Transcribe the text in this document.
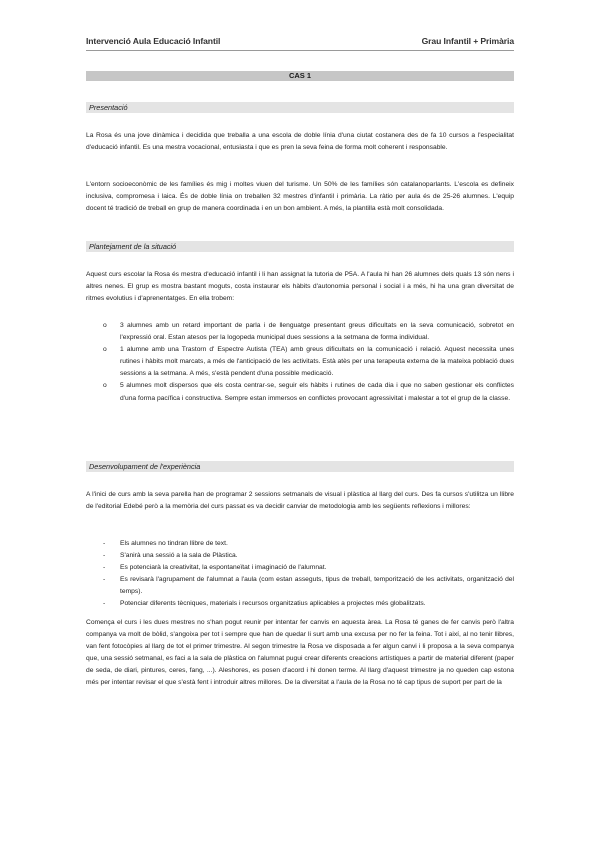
Intervenció Aula Educació Infantil	Grau Infantil + Primària
CAS 1
Presentació

La Rosa és una jove dinàmica i decidida que treballa a una escola de doble línia d'una ciutat costanera des de fa 10 cursos a l'especialitat d'educació infantil. Es una mestra vocacional, entusiasta i que es pren la seva feina de forma molt coherent i responsable.

L'entorn socioeconòmic de les famílies és mig i moltes viuen del turisme. Un 50% de les famílies són catalanoparlants. L'escola es defineix inclusiva, compromesa i laica. És de doble línia on treballen 32 mestres d'infantil i primària. La ràtio per aula és de 25-26 alumnes. L'equip docent té tradició de treball en grup de manera coordinada i en un bon ambient. A més, la plantilla està molt consolidada.

Plantejament de la situació

Aquest curs escolar la Rosa és mestra d'educació infantil i li han assignat la tutoria de P5A. A l'aula hi han 26 alumnes dels quals 13 són nens i altres nenes. El grup es mostra bastant moguts, costa instaurar els hàbits d'autonomia personal i social i a més, hi ha una gran diversitat de ritmes evolutius i d'aprenentatges. En ella trobem:

o 3 alumnes amb un retard important de parla i de llenguatge presentant greus dificultats en la seva comunicació, sobretot en l'expressió oral. Estan atesos per la logopeda municipal dues sessions a la setmana de forma individual.
o 1 alumne amb una Trastorn d' Espectre Autista (TEA) amb greus dificultats en la comunicació i relació. Aquest necessita unes rutines i hàbits molt marcats, a més de l'anticipació de les activitats. Està atès per una terapeuta externa de la mateixa població dues sessions a la setmana. A més, s'està pendent d'una possible medicació.
o 5 alumnes molt dispersos que els costa centrar-se, seguir els hàbits i rutines de cada dia i que no saben gestionar els conflictes d'una forma pacífica i constructiva. Sempre estan immersos en conflictes provocant agressivitat i malestar a tot el grup de la classe.
Desenvolupament de l'experiència

A l'inici de curs amb la seva parella han de programar 2 sessions setmanals de visual i plàstica al llarg del curs. Des fa cursos s'utilitza un llibre de l'editorial Edebé però a la memòria del curs passat es va decidir canviar de metodologia amb les següents reflexions i millores:

- Els alumnes no tindran llibre de text.
- S'anirà una sessió a la sala de Plàstica.
- Es potenciarà la creativitat, la espontaneïtat i imaginació de l'alumnat.
- Es revisarà l'agrupament de l'alumnat a l'aula (com estan asseguts, tipus de treball, temporització de les activitats, organització del temps).
- Potenciar diferents tècniques, materials i recursos organitzatius aplicables a projectes més globalitzats.

Comença el curs i les dues mestres no s'han pogut reunir per intentar fer canvis en aquesta àrea. La Rosa té ganes de fer canvis però l'altra companya va molt de bòlid, s'angoixa per tot i sempre que han de quedar li surt amb una excusa per no fer la feina. Tot i així, al no tenir llibres, van fent fotocòpies al llarg de tot el primer trimestre. Al segon trimestre la Rosa ve disposada a fer algun canvi i li proposa a la seva companya que, una sessió setmanal, es faci a la sala de plàstica on l'alumnat pugui crear diferents creacions artístiques a partir de material diferent (paper de seda, de diari, pintures, ceres, fang, ...). Aleshores, es posen d'acord i hi donen terme. Al llarg d'aquest trimestre ja no queden cap estona més per intentar revisar el que s'està fent i introduir altres millores. De la diversitat a l'aula de la Rosa no té cap tipus de suport per part de la
